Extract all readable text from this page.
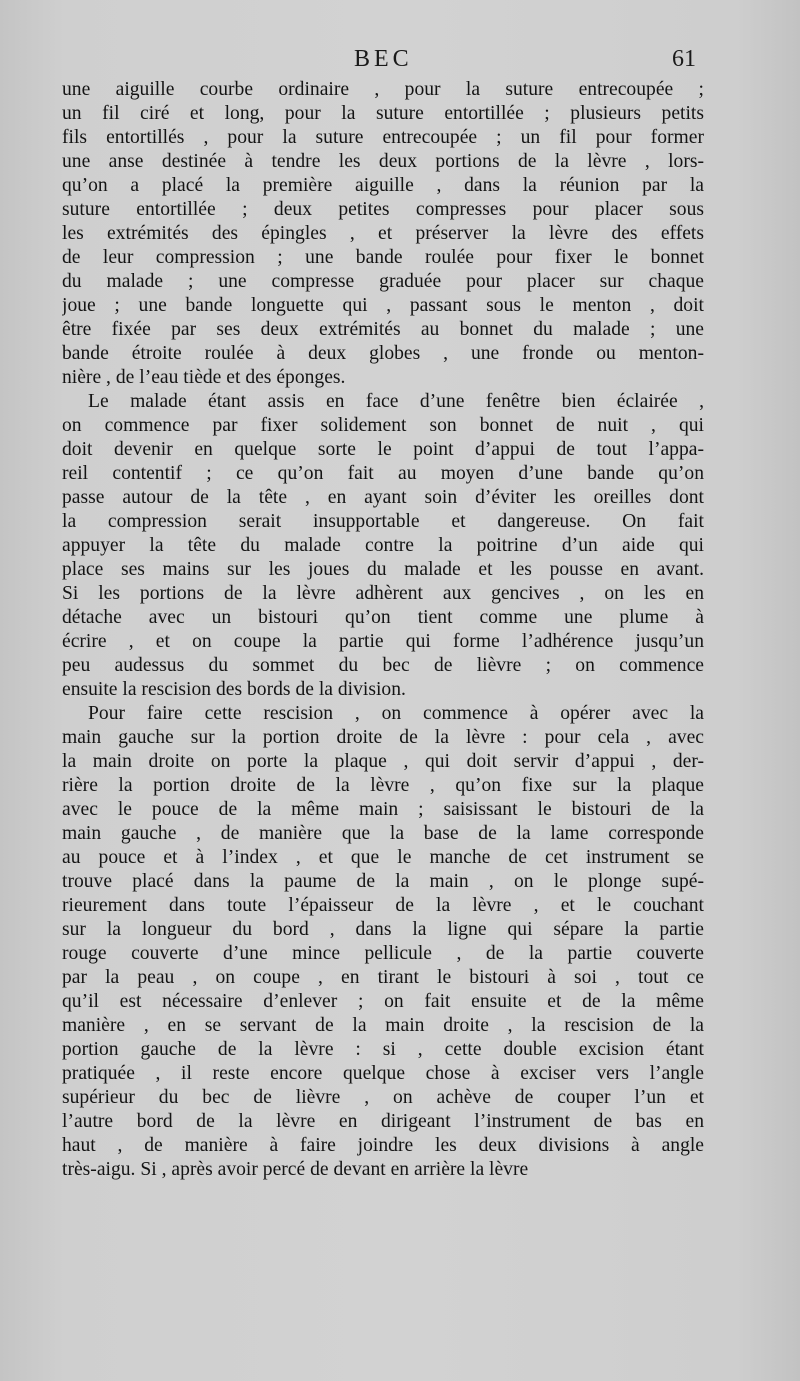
BEC	61
une aiguille courbe ordinaire , pour la suture entrecoupée ;
un fil ciré et long, pour la suture entortillée ; plusieurs petits
fils entortillés , pour la suture entrecoupée ; un fil pour former
une anse destinée à tendre les deux portions de la lèvre , lors-
qu’on a placé la première aiguille , dans la réunion par la
suture entortillée ; deux petites compresses pour placer sous
les extrémités des épingles , et préserver la lèvre des effets
de leur compression ; une bande roulée pour fixer le bonnet
du malade ; une compresse graduée pour placer sur chaque
joue ; une bande longuette qui , passant sous le menton , doit
être fixée par ses deux extrémités au bonnet du malade ; une
bande étroite roulée à deux globes , une fronde ou menton-
nière , de l’eau tiède et des éponges.
Le malade étant assis en face d’une fenêtre bien éclairée ,
on commence par fixer solidement son bonnet de nuit , qui
doit devenir en quelque sorte le point d’appui de tout l’appa-
reil contentif ; ce qu’on fait au moyen d’une bande qu’on
passe autour de la tête , en ayant soin d’éviter les oreilles dont
la compression serait insupportable et dangereuse. On fait
appuyer la tête du malade contre la poitrine d’un aide qui
place ses mains sur les joues du malade et les pousse en avant.
Si les portions de la lèvre adhèrent aux gencives , on les en
détache avec un bistouri qu’on tient comme une plume à
écrire , et on coupe la partie qui forme l’adhérence jusqu’un
peu audessus du sommet du bec de lièvre ; on commence
ensuite la rescision des bords de la division.
Pour faire cette rescision , on commence à opérer avec la
main gauche sur la portion droite de la lèvre : pour cela , avec
la main droite on porte la plaque , qui doit servir d’appui , der-
rière la portion droite de la lèvre , qu’on fixe sur la plaque
avec le pouce de la même main ; saisissant le bistouri de la
main gauche , de manière que la base de la lame corresponde
au pouce et à l’index , et que le manche de cet instrument se
trouve placé dans la paume de la main , on le plonge supé-
rieurement dans toute l’épaisseur de la lèvre , et le couchant
sur la longueur du bord , dans la ligne qui sépare la partie
rouge couverte d’une mince pellicule , de la partie couverte
par la peau , on coupe , en tirant le bistouri à soi , tout ce
qu’il est nécessaire d’enlever ; on fait ensuite et de la même
manière , en se servant de la main droite , la rescision de la
portion gauche de la lèvre : si , cette double excision étant
pratiquée , il reste encore quelque chose à exciser vers l’angle
supérieur du bec de lièvre , on achève de couper l’un et
l’autre bord de la lèvre en dirigeant l’instrument de bas en
haut , de manière à faire joindre les deux divisions à angle
très-aigu. Si , après avoir percé de devant en arrière la lèvre
